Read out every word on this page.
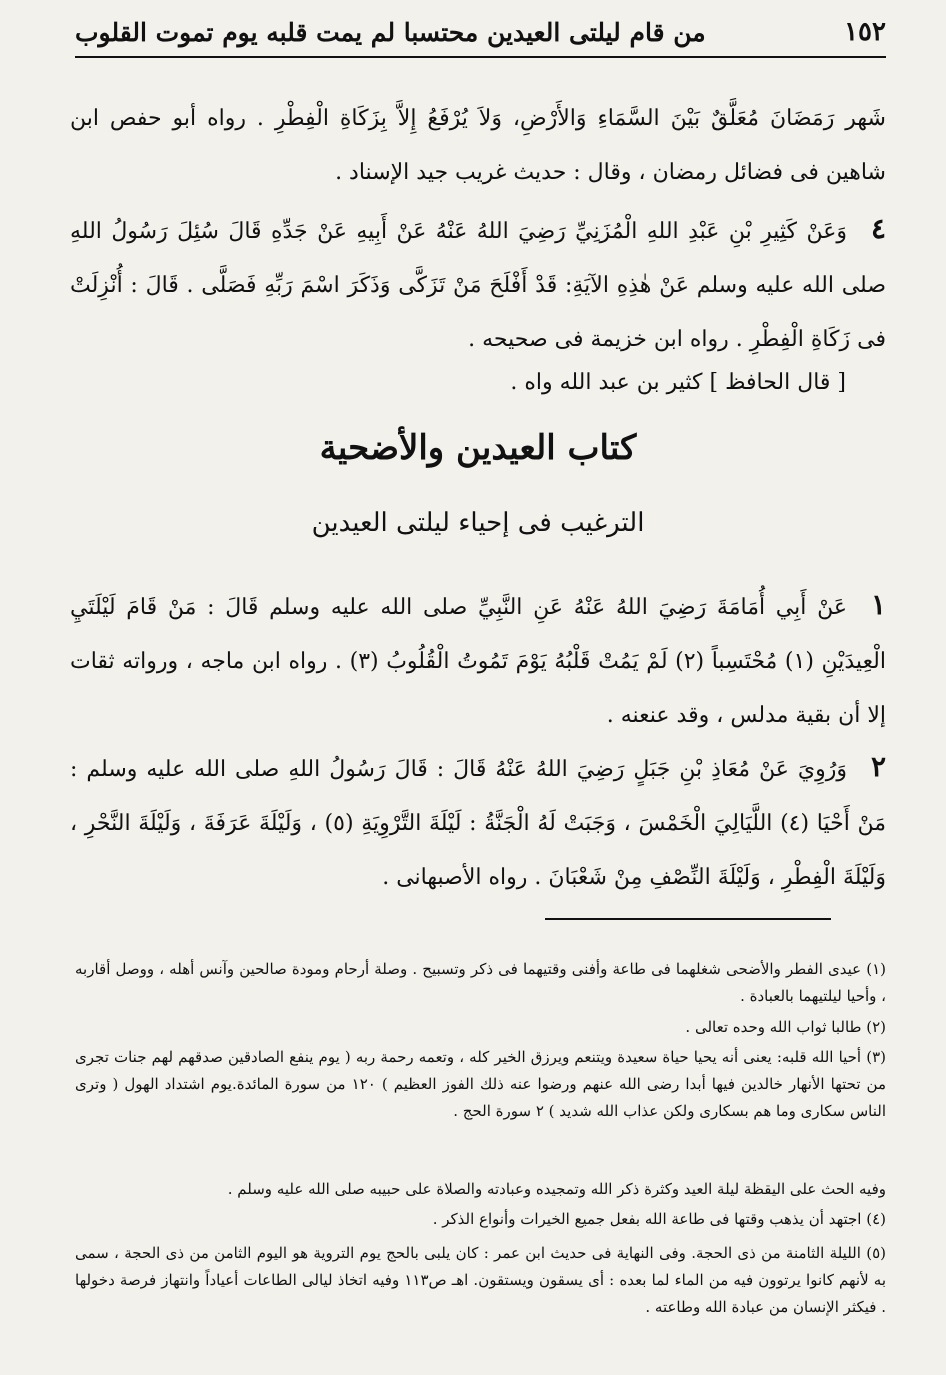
١٥٢
من قام ليلتى العيدين محتسبا لم يمت قلبه يوم تموت القلوب
شَهر رَمَضَانَ مُعَلَّقٌ بَيْنَ السَّمَاءِ وَالأَرْضِ، وَلاَ يُرْفَعُ إِلاَّ بِزَكَاةِ الْفِطْرِ . رواه أبو حفص ابن شاهين فى فضائل رمضان ، وقال : حديث غريب جيد الإسناد .
٤وَعَنْ كَثِيرِ بْنِ عَبْدِ اللهِ الْمُزَنِيِّ رَضِيَ اللهُ عَنْهُ عَنْ أَبِيهِ عَنْ جَدِّهِ قَالَ سُئِلَ رَسُولُ اللهِ صلى الله عليه وسلم عَنْ هٰذِهِ الآيَةِ: قَدْ أَفْلَحَ مَنْ تَزَكَّى وَذَكَرَ اسْمَ رَبِّهِ فَصَلَّى . قَالَ : أُنْزِلَتْ فى زَكَاةِ الْفِطْرِ . رواه ابن خزيمة فى صحيحه .
[ قال الحافظ ] كثير بن عبد الله واه .
كتاب العيدين والأضحية
الترغيب فى إحياء ليلتى العيدين
١عَنْ أَبِي أُمَامَةَ رَضِيَ اللهُ عَنْهُ عَنِ النَّبِيِّ صلى الله عليه وسلم قَالَ : مَنْ قَامَ لَيْلَتَيِ الْعِيدَيْنِ (١) مُحْتَسِباً (٢) لَمْ يَمُتْ قَلْبُهُ يَوْمَ تَمُوتُ الْقُلُوبُ (٣) . رواه ابن ماجه ، ورواته ثقات إلا أن بقية مدلس ، وقد عنعنه .
٢وَرُوِيَ عَنْ مُعَاذِ بْنِ جَبَلٍ رَضِيَ اللهُ عَنْهُ قَالَ : قَالَ رَسُولُ اللهِ صلى الله عليه وسلم : مَنْ أَحْيَا (٤) اللَّيَالِيَ الْخَمْسَ ، وَجَبَتْ لَهُ الْجَنَّةُ : لَيْلَةَ التَّرْوِيَةِ (٥) ، وَلَيْلَةَ عَرَفَةَ ، وَلَيْلَةَ النَّحْرِ ، وَلَيْلَةَ الْفِطْرِ ، وَلَيْلَةَ النِّصْفِ مِنْ شَعْبَانَ . رواه الأصبهانى .
(١) عيدى الفطر والأضحى شغلهما فى طاعة وأفنى وقتيهما فى ذكر وتسبيح . وصلة أرحام ومودة صالحين وآنس أهله ، ووصل أقاربه ، وأحيا ليلتيهما بالعبادة .
(٢) طالبا ثواب الله وحده تعالى .
(٣) أحيا الله قلبه: يعنى أنه يحيا حياة سعيدة ويتنعم ويرزق الخير كله ، وتعمه رحمة ربه ( يوم ينفع الصادقين صدقهم لهم جنات تجرى من تحتها الأنهار خالدين فيها أبدا رضى الله عنهم ورضوا عنه ذلك الفوز العظيم ) ١٢٠ من سورة المائدة.يوم اشتداد الهول ( وترى الناس سكارى وما هم بسكارى ولكن عذاب الله شديد ) ٢ سورة الحج .
وفيه الحث على اليقظة ليلة العيد وكثرة ذكر الله وتمجيده وعبادته والصلاة على حبيبه صلى الله عليه وسلم .
(٤) اجتهد أن يذهب وقتها فى طاعة الله بفعل جميع الخيرات وأنواع الذكر .
(٥) الليلة الثامنة من ذى الحجة. وفى النهاية فى حديث ابن عمر : كان يلبى بالحج يوم التروية هو اليوم الثامن من ذى الحجة ، سمى به لأنهم كانوا يرتوون فيه من الماء لما بعده : أى يسقون ويستقون. اهـ ص١١٣ وفيه اتخاذ ليالى الطاعات أعياداً وانتهاز فرصة دخولها . فيكثر الإنسان من عبادة الله وطاعته .
